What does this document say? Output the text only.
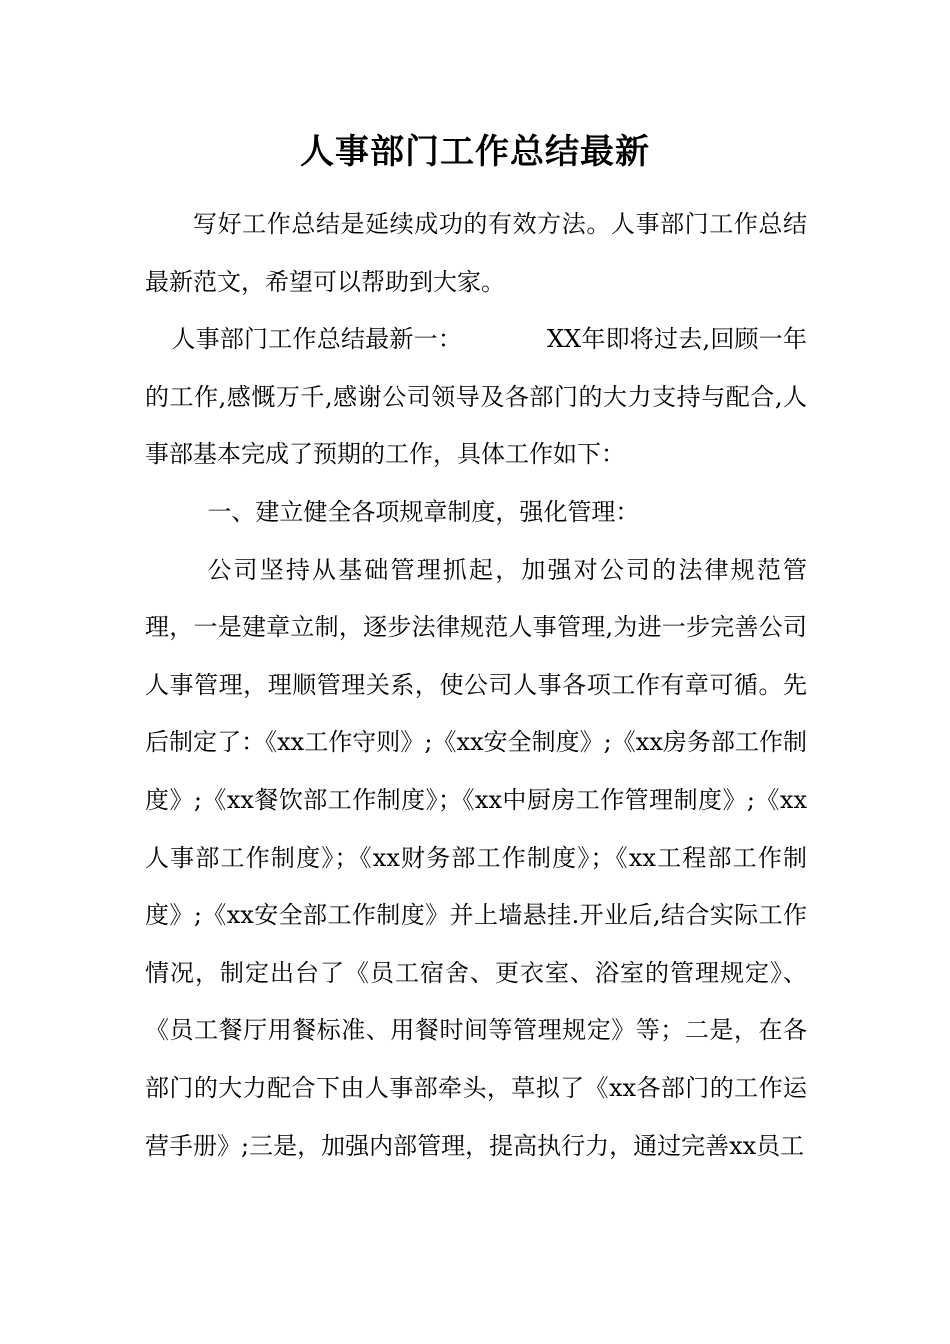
人事部门工作总结最新

写好工作总结是延续成功的有效方法。人事部门工作总结最新范文，希望可以帮助到大家。

人事部门工作总结最新一：　　　　XX年即将过去,回顾一年的工作,感慨万千,感谢公司领导及各部门的大力支持与配合,人事部基本完成了预期的工作，具体工作如下：

一、建立健全各项规章制度，强化管理：

公司坚持从基础管理抓起，加强对公司的法律规范管理，一是建章立制，逐步法律规范人事管理,为进一步完善公司人事管理，理顺管理关系，使公司人事各项工作有章可循。先后制定了：《xx工作守则》;《xx安全制度》;《xx房务部工作制度》;《xx餐饮部工作制度》；《xx中厨房工作管理制度》;《xx人事部工作制度》；《xx财务部工作制度》；《xx工程部工作制度》;《xx安全部工作制度》并上墙悬挂.开业后,结合实际工作情况，制定出台了《员工宿舍、更衣室、浴室的管理规定》、《员工餐厅用餐标准、用餐时间等管理规定》等；二是，在各部门的大力配合下由人事部牵头，草拟了《xx各部门的工作运营手册》;三是，加强内部管理，提高执行力，通过完善xx员工
